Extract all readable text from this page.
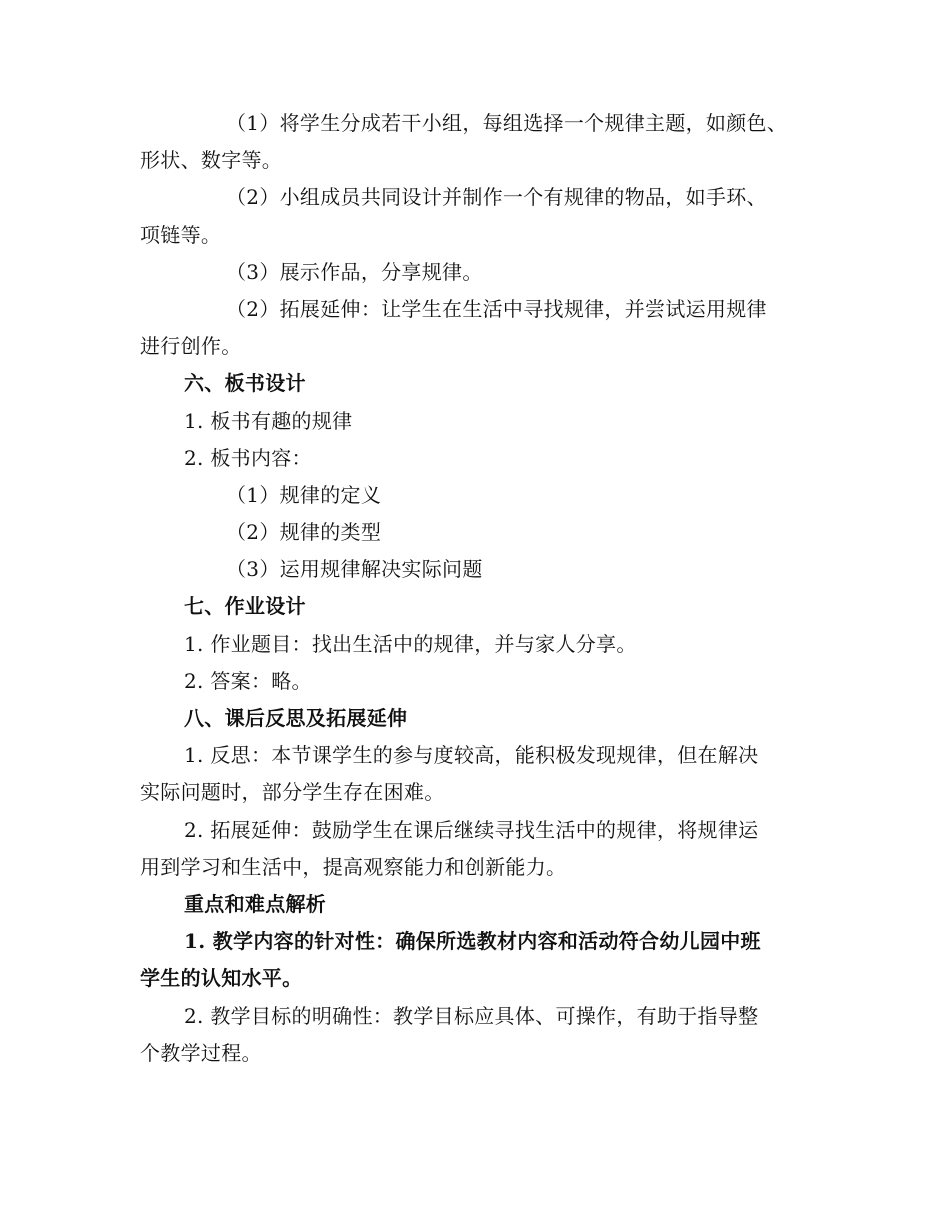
（1）将学生分成若干小组，每组选择一个规律主题，如颜色、
形状、数字等。
（2）小组成员共同设计并制作一个有规律的物品，如手环、
项链等。
（3）展示作品，分享规律。
（2）拓展延伸：让学生在生活中寻找规律，并尝试运用规律
进行创作。
六、板书设计
1. 板书有趣的规律
2. 板书内容：
（1）规律的定义
（2）规律的类型
（3）运用规律解决实际问题
七、作业设计
1. 作业题目：找出生活中的规律，并与家人分享。
2. 答案：略。
八、课后反思及拓展延伸
1. 反思：本节课学生的参与度较高，能积极发现规律，但在解决
实际问题时，部分学生存在困难。
2. 拓展延伸：鼓励学生在课后继续寻找生活中的规律，将规律运
用到学习和生活中，提高观察能力和创新能力。
重点和难点解析
1. 教学内容的针对性：确保所选教材内容和活动符合幼儿园中班
学生的认知水平。
2. 教学目标的明确性：教学目标应具体、可操作，有助于指导整
个教学过程。
